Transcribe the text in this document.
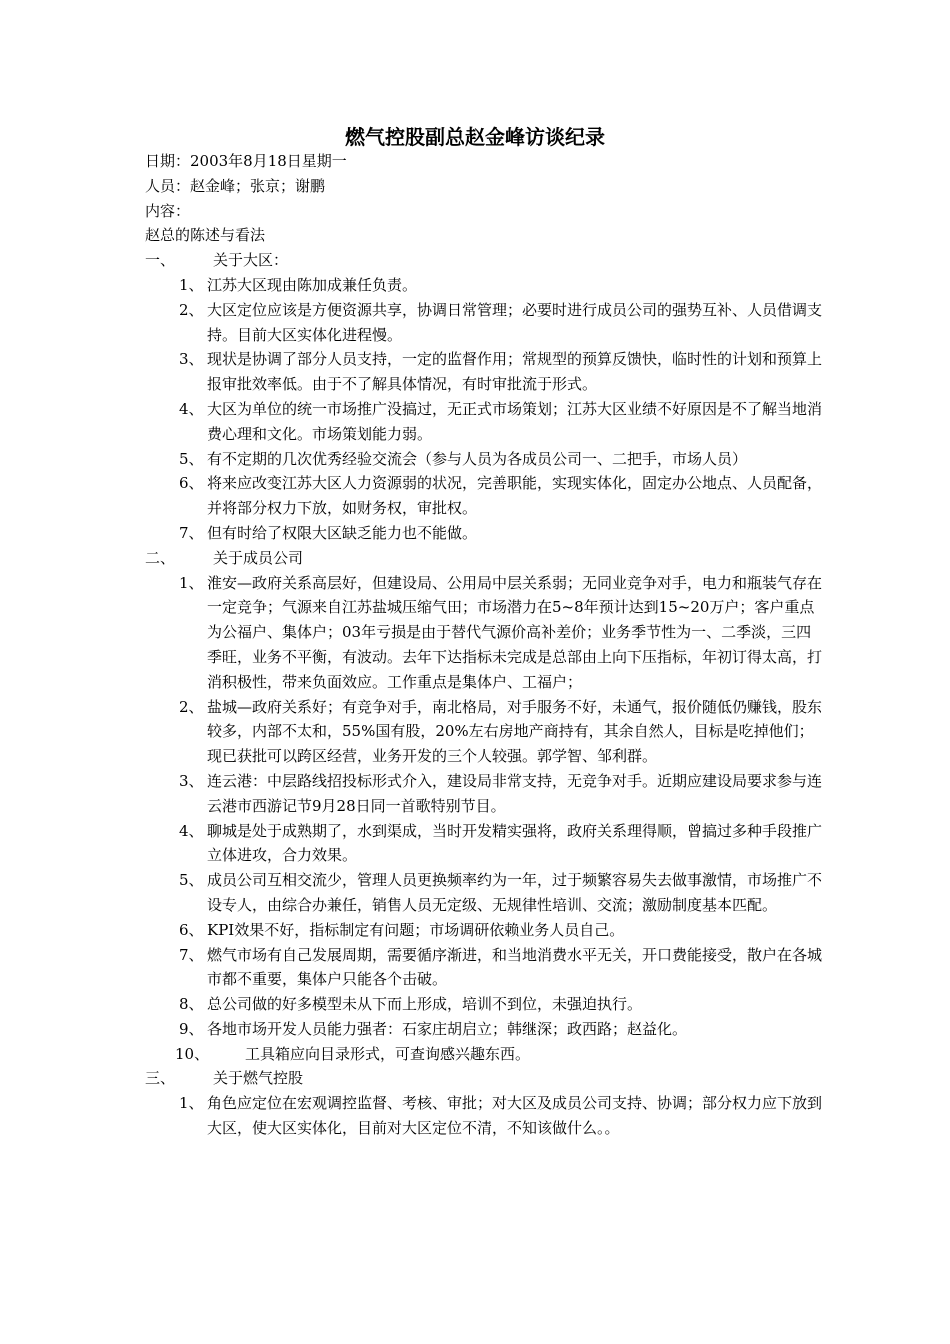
燃气控股副总赵金峰访谈纪录
日期：2003年8月18日星期一
人员：赵金峰；张京；谢鹏
内容：
赵总的陈述与看法
一、	关于大区：
1、 江苏大区现由陈加成兼任负责。
2、 大区定位应该是方便资源共享，协调日常管理；必要时进行成员公司的强势互补、人员借调支持。目前大区实体化进程慢。
3、 现状是协调了部分人员支持，一定的监督作用；常规型的预算反馈快，临时性的计划和预算上报审批效率低。由于不了解具体情况，有时审批流于形式。
4、 大区为单位的统一市场推广没搞过，无正式市场策划；江苏大区业绩不好原因是不了解当地消费心理和文化。市场策划能力弱。
5、 有不定期的几次优秀经验交流会（参与人员为各成员公司一、二把手，市场人员）
6、 将来应改变江苏大区人力资源弱的状况，完善职能，实现实体化，固定办公地点、人员配备，并将部分权力下放，如财务权，审批权。
7、 但有时给了权限大区缺乏能力也不能做。
二、	关于成员公司
1、 淮安—政府关系高层好，但建设局、公用局中层关系弱；无同业竞争对手，电力和瓶装气存在一定竞争；气源来自江苏盐城压缩气田；市场潜力在5~8年预计达到15~20万户；客户重点为公福户、集体户；03年亏损是由于替代气源价高补差价；业务季节性为一、二季淡，三四季旺，业务不平衡，有波动。去年下达指标未完成是总部由上向下压指标，年初订得太高，打消积极性，带来负面效应。工作重点是集体户、工福户；
2、 盐城—政府关系好；有竞争对手，南北格局，对手服务不好，未通气，报价随低仍赚钱，股东较多，内部不太和，55%国有股，20%左右房地产商持有，其余自然人，目标是吃掉他们；现已获批可以跨区经营，业务开发的三个人较强。郭学智、邹利群。
3、 连云港：中层路线招投标形式介入，建设局非常支持，无竞争对手。近期应建设局要求参与连云港市西游记节9月28日同一首歌特别节目。
4、 聊城是处于成熟期了，水到渠成，当时开发精实强将，政府关系理得顺，曾搞过多种手段推广立体进攻，合力效果。
5、 成员公司互相交流少，管理人员更换频率约为一年，过于频繁容易失去做事激情，市场推广不设专人，由综合办兼任，销售人员无定级、无规律性培训、交流；激励制度基本匹配。
6、 KPI效果不好，指标制定有问题；市场调研依赖业务人员自己。
7、 燃气市场有自己发展周期，需要循序渐进，和当地消费水平无关，开口费能接受，散户在各城市都不重要，集体户只能各个击破。
8、 总公司做的好多模型未从下而上形成，培训不到位，未强迫执行。
9、 各地市场开发人员能力强者：石家庄胡启立；韩继深；政西路；赵益化。
10、	工具箱应向目录形式，可查询感兴趣东西。
三、	关于燃气控股
1、 角色应定位在宏观调控监督、考核、审批；对大区及成员公司支持、协调；部分权力应下放到大区，使大区实体化，目前对大区定位不清，不知该做什么。。
